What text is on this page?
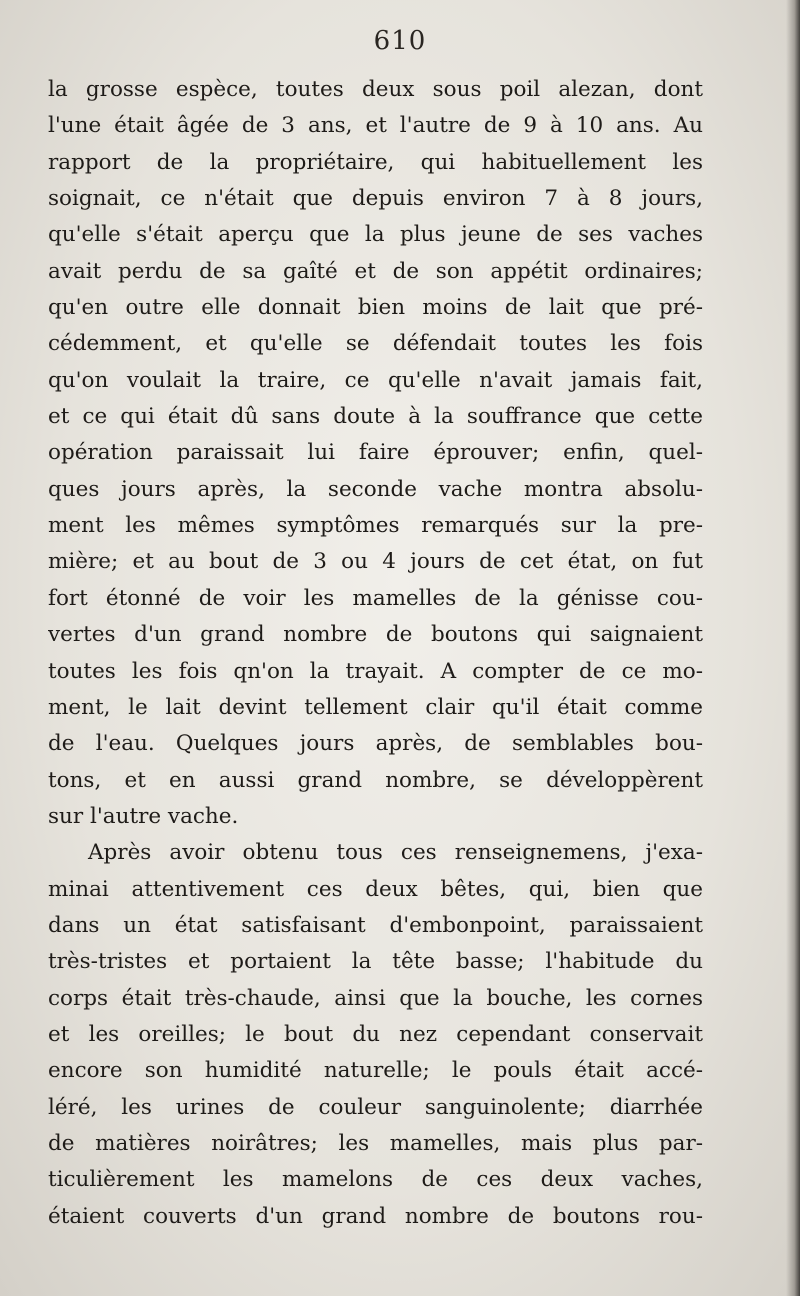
610
la grosse espèce, toutes deux sous poil alezan, dont
l'une était âgée de 3 ans, et l'autre de 9 à 10 ans. Au
rapport de la propriétaire, qui habituellement les
soignait, ce n'était que depuis environ 7 à 8 jours,
qu'elle s'était aperçu que la plus jeune de ses vaches
avait perdu de sa gaîté et de son appétit ordinaires;
qu'en outre elle donnait bien moins de lait que pré-
cédemment, et qu'elle se défendait toutes les fois
qu'on voulait la traire, ce qu'elle n'avait jamais fait,
et ce qui était dû sans doute à la souffrance que cette
opération paraissait lui faire éprouver; enfin, quel-
ques jours après, la seconde vache montra absolu-
ment les mêmes symptômes remarqués sur la pre-
mière; et au bout de 3 ou 4 jours de cet état, on fut
fort étonné de voir les mamelles de la génisse cou-
vertes d'un grand nombre de boutons qui saignaient
toutes les fois qn'on la trayait. A compter de ce mo-
ment, le lait devint tellement clair qu'il était comme
de l'eau. Quelques jours après, de semblables bou-
tons, et en aussi grand nombre, se développèrent
sur l'autre vache.
Après avoir obtenu tous ces renseignemens, j'exa-
minai attentivement ces deux bêtes, qui, bien que
dans un état satisfaisant d'embonpoint, paraissaient
très-tristes et portaient la tête basse; l'habitude du
corps était très-chaude, ainsi que la bouche, les cornes
et les oreilles; le bout du nez cependant conservait
encore son humidité naturelle; le pouls était accé-
léré, les urines de couleur sanguinolente; diarrhée
de matières noirâtres; les mamelles, mais plus par-
ticulièrement les mamelons de ces deux vaches,
étaient couverts d'un grand nombre de boutons rou-
